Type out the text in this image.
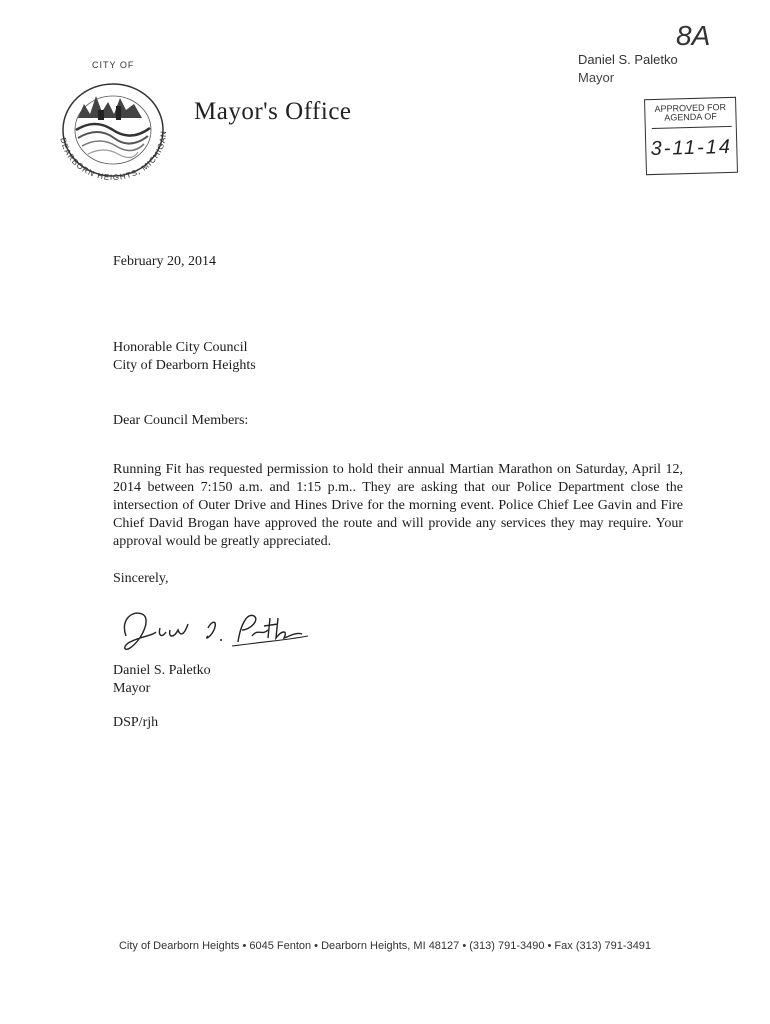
CITY OF
DEARBORN HEIGHTS, MICHIGAN
Mayor's Office
8A
Daniel S. Paletko
Mayor
APPROVED FOR
AGENDA OF
3-11-14
February 20, 2014
Honorable City Council
City of Dearborn Heights
Dear Council Members:
Running Fit has requested permission to hold their annual Martian Marathon on Saturday, April 12, 2014 between 7:150 a.m. and 1:15 p.m.. They are asking that our Police Department close the intersection of Outer Drive and Hines Drive for the morning event. Police Chief Lee Gavin and Fire Chief David Brogan have approved the route and will provide any services they may require. Your approval would be greatly appreciated.
Sincerely,
Daniel S. Paletko
Mayor
DSP/rjh
City of Dearborn Heights • 6045 Fenton • Dearborn Heights, MI 48127 • (313) 791-3490 • Fax (313) 791-3491
